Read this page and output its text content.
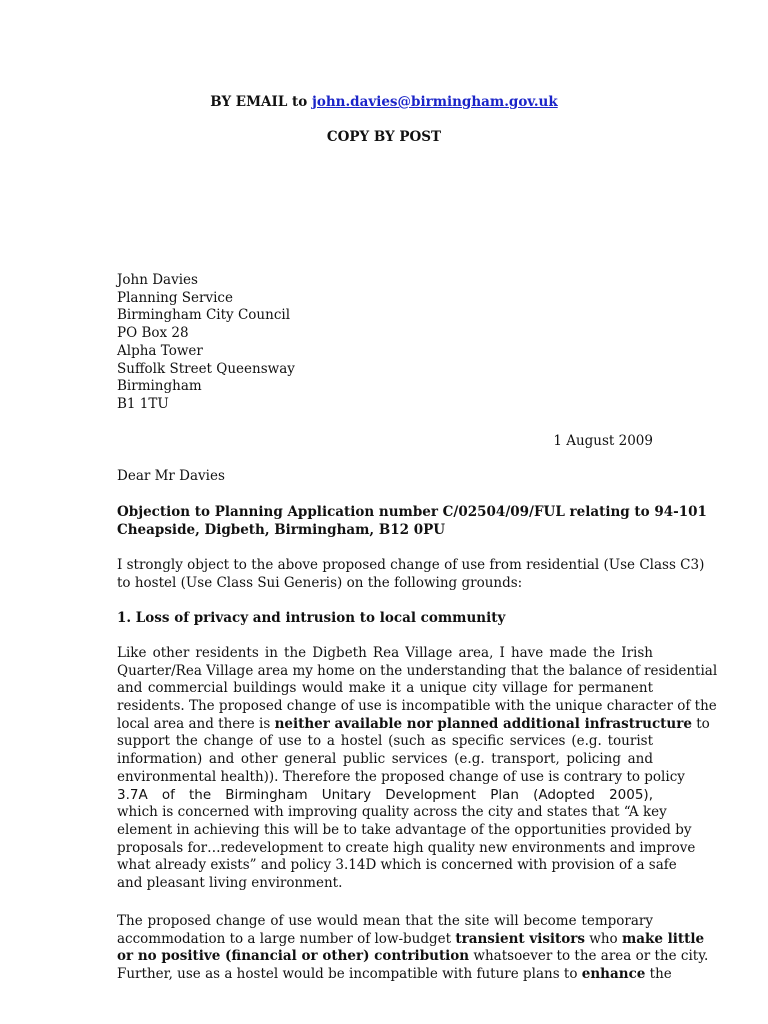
BY EMAIL to john.davies@birmingham.gov.uk
COPY BY POST
John Davies
Planning Service
Birmingham City Council
PO Box 28
Alpha Tower
Suffolk Street Queensway
Birmingham
B1 1TU
1 August 2009
Dear Mr Davies
Objection to Planning Application number C/02504/09/FUL relating to 94-101
Cheapside, Digbeth, Birmingham, B12 0PU
I strongly object to the above proposed change of use from residential (Use Class C3)
to hostel (Use Class Sui Generis) on the following grounds:
1. Loss of privacy and intrusion to local community
Like other residents in the Digbeth Rea Village area, I have made the Irish
Quarter/Rea Village area my home on the understanding that the balance of residential
and commercial buildings would make it a unique city village for permanent
residents. The proposed change of use is incompatible with the unique character of the
local area and there is neither available nor planned additional infrastructure to
support the change of use to a hostel (such as specific services (e.g. tourist
information) and other general public services (e.g. transport, policing and
environmental health)). Therefore the proposed change of use is contrary to policy
3.7A of the Birmingham Unitary Development Plan (Adopted 2005),
which is concerned with improving quality across the city and states that “A key
element in achieving this will be to take advantage of the opportunities provided by
proposals for…redevelopment to create high quality new environments and improve
what already exists” and policy 3.14D which is concerned with provision of a safe
and pleasant living environment.
The proposed change of use would mean that the site will become temporary
accommodation to a large number of low-budget transient visitors who make little
or no positive (financial or other) contribution whatsoever to the area or the city.
Further, use as a hostel would be incompatible with future plans to enhance the
